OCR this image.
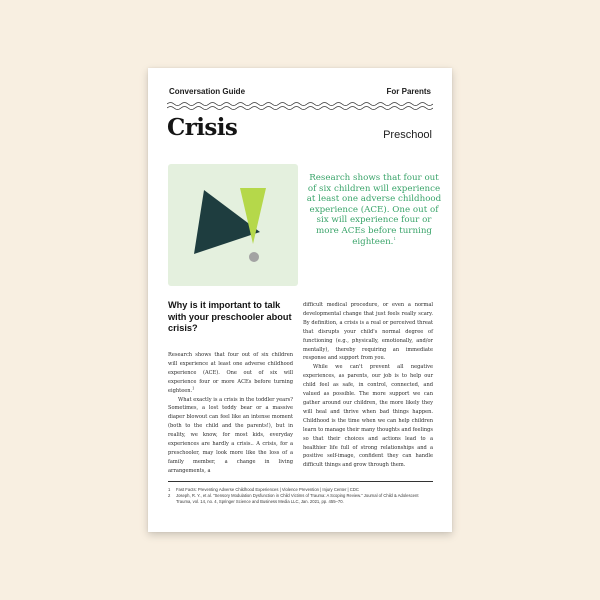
Conversation Guide	For Parents
Crisis	Preschool
Research shows that four out of six children will experience at least one adverse childhood experience (ACE). One out of six will experience four or more ACEs before turning eighteen.$^1$
Why is it important to talk with your preschooler about crisis?

Research shows that four out of six children will experience at least one adverse childhood experience (ACE). One out of six will experience four or more ACEs before turning eighteen.$^1$

What exactly is a crisis in the toddler years? Sometimes, a lost teddy bear or a massive diaper blowout can feel like an intense moment (both to the child and the parents!), but in reality, we know, for most kids, everyday experiences are hardly a crisis.. A crisis, for a preschooler, may look more like the loss of a family member, a change in living arrangements, a

difficult medical procedure, or even a normal developmental change that just feels really scary. By definition, a crisis is a real or perceived threat that disrupts your child's normal degree of functioning (e.g., physically, emotionally, and/or mentally), thereby requiring an immediate response and support from you.

While we can't prevent all negative experiences, as parents, our job is to help our child feel as safe, in control, connected, and valued as possible. The more support we can gather around our children, the more likely they will heal and thrive when bad things happen. Childhood is the time when we can help children learn to manage their many thoughts and feelings so that their choices and actions lead to a healthier life full of strong relationships and a positive self-image, confident they can handle difficult things and grow through them.

1	Fast Facts: Preventing Adverse Childhood Experiences | Violence Prevention | Injury Center | CDC
2	Joseph, R. Y., et al. "Sensory Modulation Dysfunction in Child Victims of Trauma: A Scoping Review." Journal of Child & Adolescent Trauma, vol. 14, no. 4, Springer Science and Business Media LLC, Jan. 2021, pp. 455–70.
